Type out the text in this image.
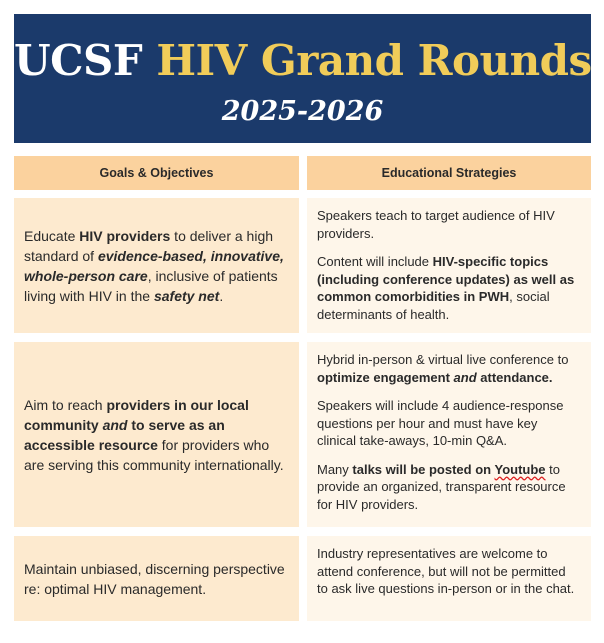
UCSF HIV Grand Rounds
2025-2026
Goals & Objectives	Educational Strategies
Educate HIV providers to deliver a high standard of evidence-based, innovative, whole-person care, inclusive of patients living with HIV in the safety net.

Speakers teach to target audience of HIV providers.

Content will include HIV-specific topics (including conference updates) as well as common comorbidities in PWH, social determinants of health.

Aim to reach providers in our local community and to serve as an accessible resource for providers who are serving this community internationally.

Hybrid in-person & virtual live conference to optimize engagement and attendance.

Speakers will include 4 audience-response questions per hour and must have key clinical take-aways, 10-min Q&A.

Many talks will be posted on Youtube to provide an organized, transparent resource for HIV providers.

Maintain unbiased, discerning perspective re: optimal HIV management.

Industry representatives are welcome to attend conference, but will not be permitted to ask live questions in-person or in the chat.
